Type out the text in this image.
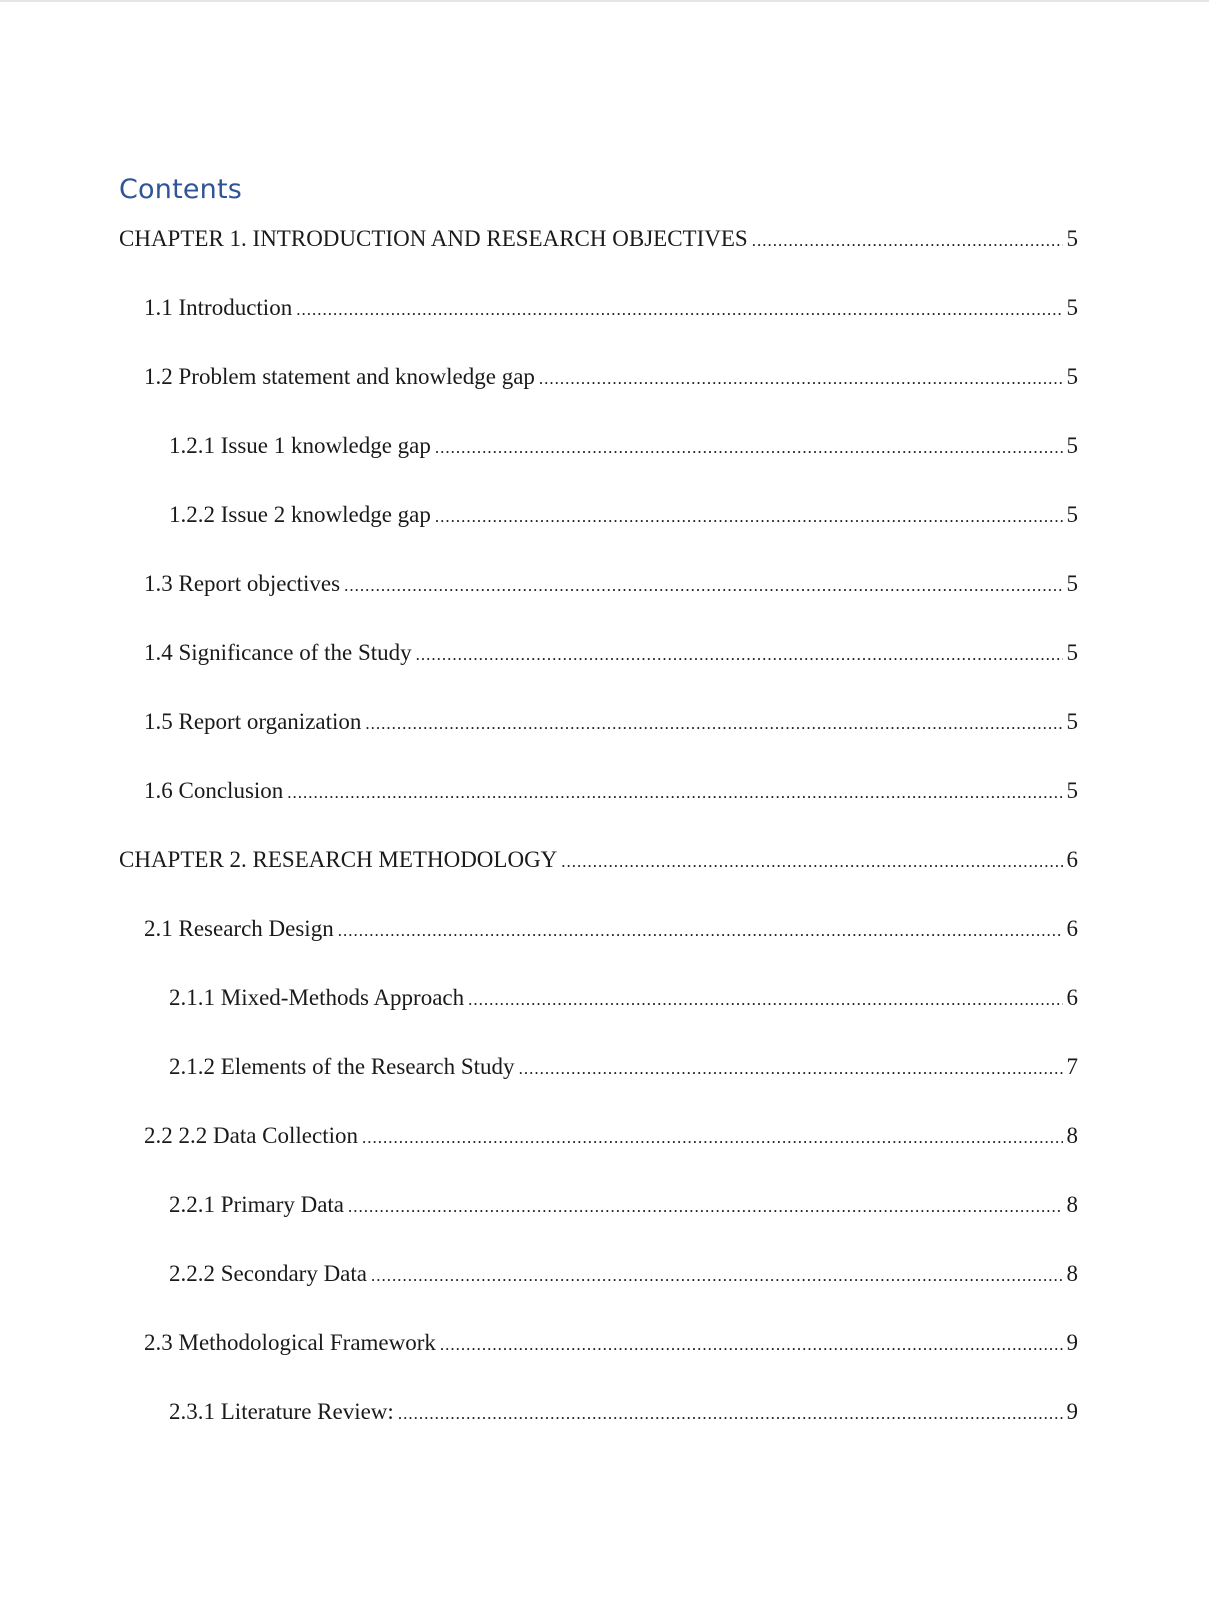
Contents
CHAPTER 1. INTRODUCTION AND RESEARCH OBJECTIVES .....	5
1.1 Introduction .....	5
1.2 Problem statement and knowledge gap .....	5
1.2.1 Issue 1 knowledge gap .....	5
1.2.2 Issue 2 knowledge gap .....	5
1.3 Report objectives .....	5
1.4 Significance of the Study .....	5
1.5 Report organization .....	5
1.6 Conclusion .....	5
CHAPTER 2. RESEARCH METHODOLOGY .....	6
2.1 Research Design .....	6
2.1.1 Mixed-Methods Approach .....	6
2.1.2 Elements of the Research Study .....	7
2.2 2.2 Data Collection .....	8
2.2.1 Primary Data .....	8
2.2.2 Secondary Data .....	8
2.3 Methodological Framework .....	9
2.3.1 Literature Review: .....	9
